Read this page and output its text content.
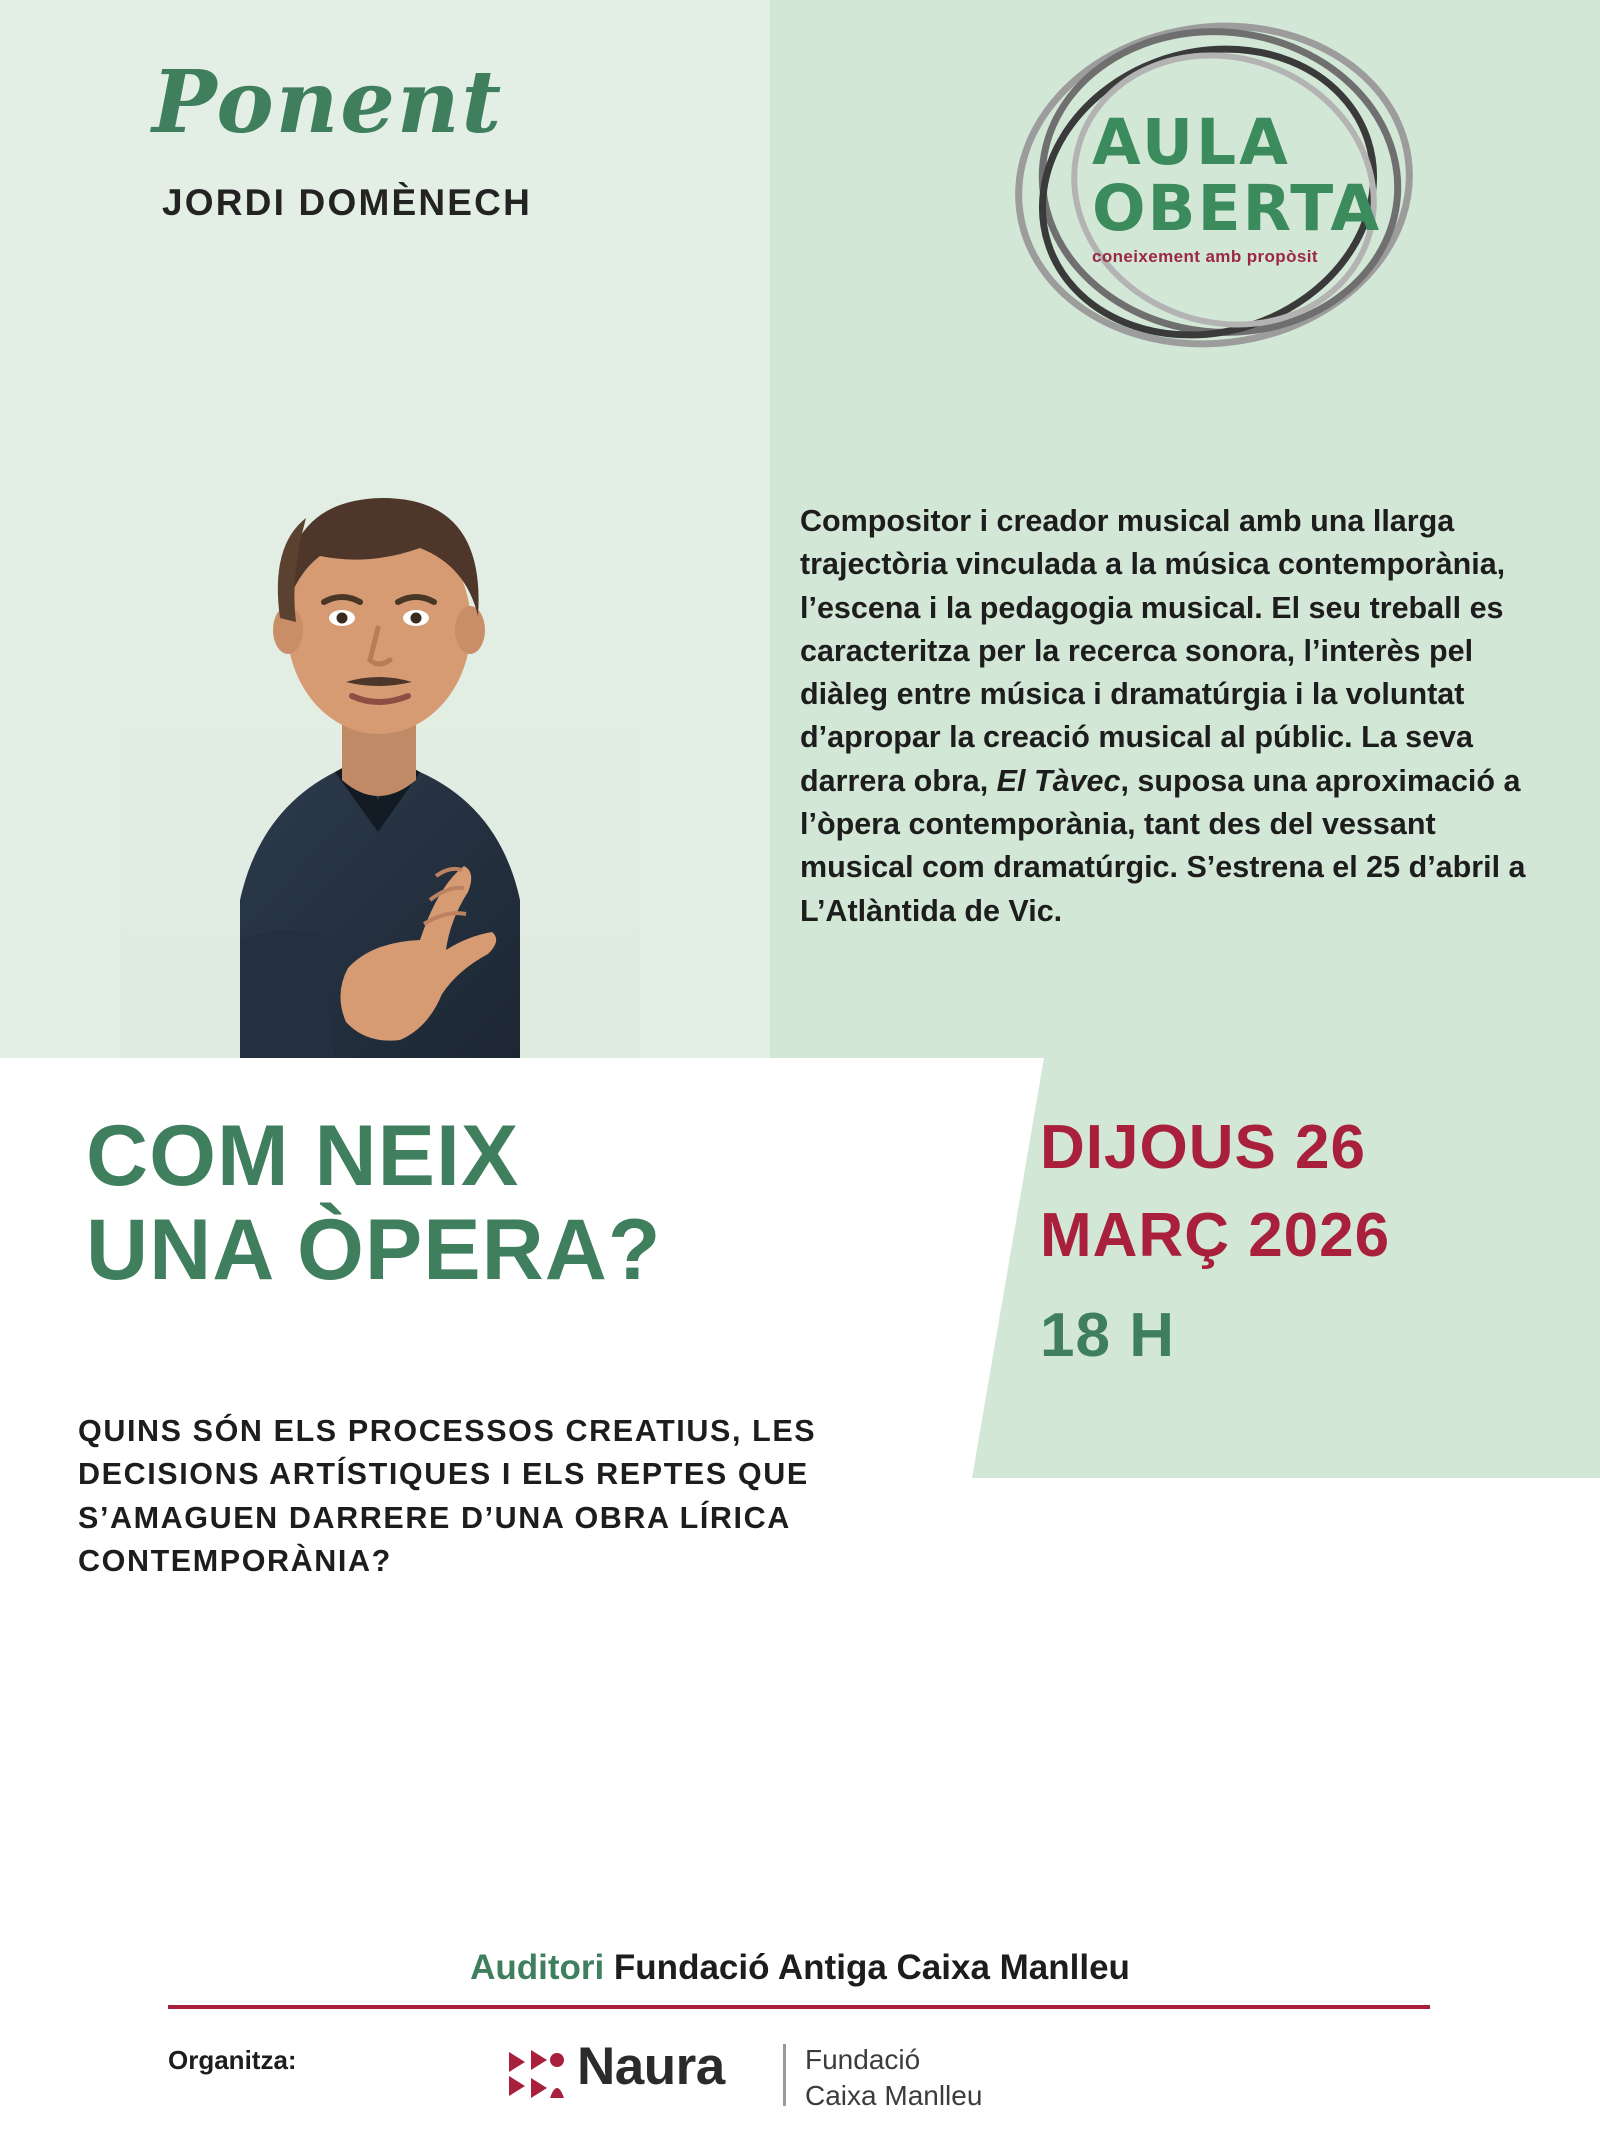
Ponent
JORDI DOMÈNECH
AULA
OBERTA
coneixement amb propòsit
Compositor i creador musical amb una llarga trajectòria vinculada a la música contemporània, l’escena i la pedagogia musical. El seu treball es caracteritza per la recerca sonora, l’interès pel diàleg entre música i dramatúrgia i la voluntat d’apropar la creació musical al públic. La seva darrera obra, El Tàvec, suposa una aproximació a l’òpera contemporània, tant des del vessant musical com dramatúrgic. S’estrena el 25 d’abril a L’Atlàntida de Vic.
COM NEIX
UNA ÒPERA?
QUINS SÓN ELS PROCESSOS CREATIUS, LES DECISIONS ARTÍSTIQUES I ELS REPTES QUE S’AMAGUEN DARRERE D’UNA OBRA LÍRICA CONTEMPORÀNIA?
DIJOUS 26
MARÇ 2026
18 H
Auditori Fundació Antiga Caixa Manlleu
Organitza:	Naura	Fundació
Caixa Manlleu
